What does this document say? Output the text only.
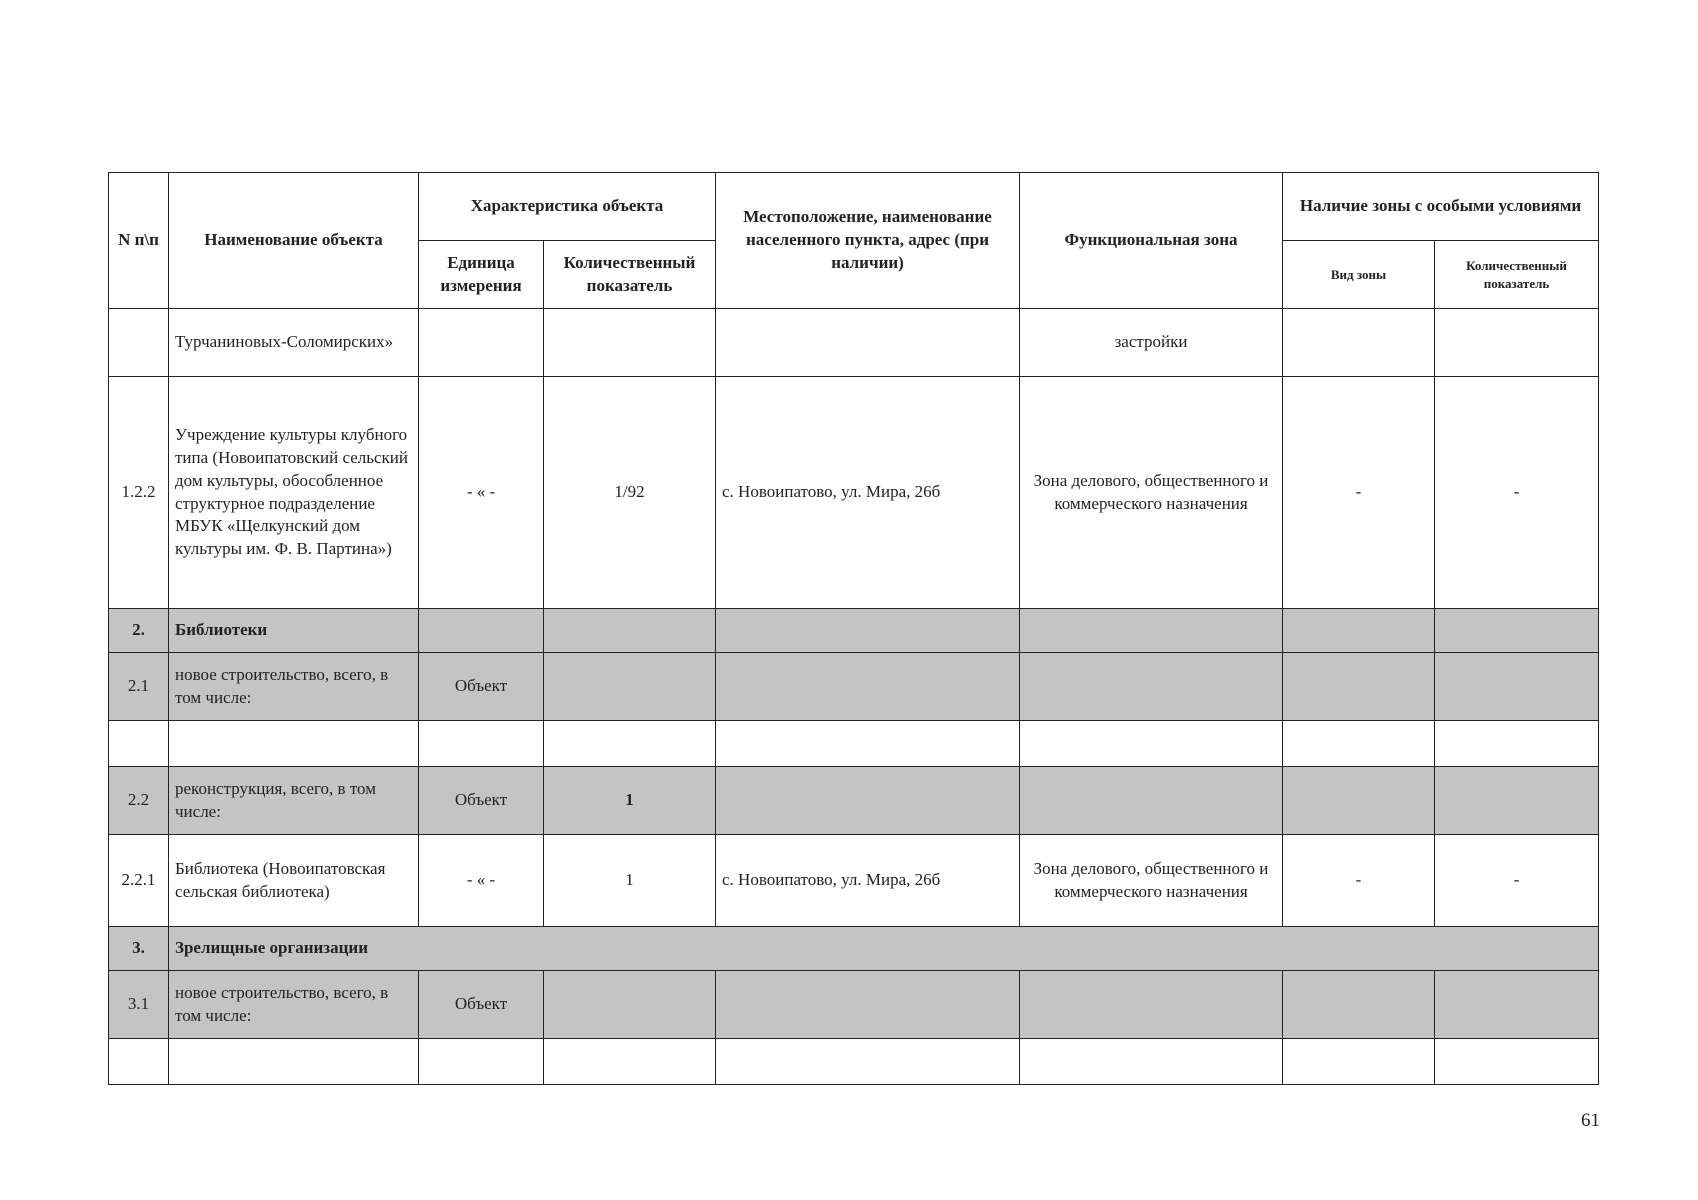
N п\п	Наименование объекта	Характеристика объекта		Местоположение, наименование населенного пункта, адрес (при наличии)	Функциональная зона	Наличие зоны с особыми условиями	
		Единица измерения	Количественный показатель			Вид зоны	Количественный показатель
	Турчаниновых-Соломирских»				застройки		
1.2.2	Учреждение культуры клубного типа (Новоипатовский сельский дом культуры, обособленное структурное подразделение МБУК «Щелкунский дом культуры им. Ф. В. Партина»)	- « -	1/92	с. Новоипатово, ул. Мира, 26б	Зона делового, общественного и коммерческого назначения	-	-
2.	Библиотеки						
2.1	новое строительство, всего, в том числе:	Объект					

2.2	реконструкция, всего, в том числе:	Объект	1				
2.2.1	Библиотека (Новоипатовская сельская библиотека)	- « -	1	с. Новоипатово, ул. Мира, 26б	Зона делового, общественного и коммерческого назначения	-	-
3.	Зрелищные организации						
3.1	новое строительство, всего, в том числе:	Объект					

61
